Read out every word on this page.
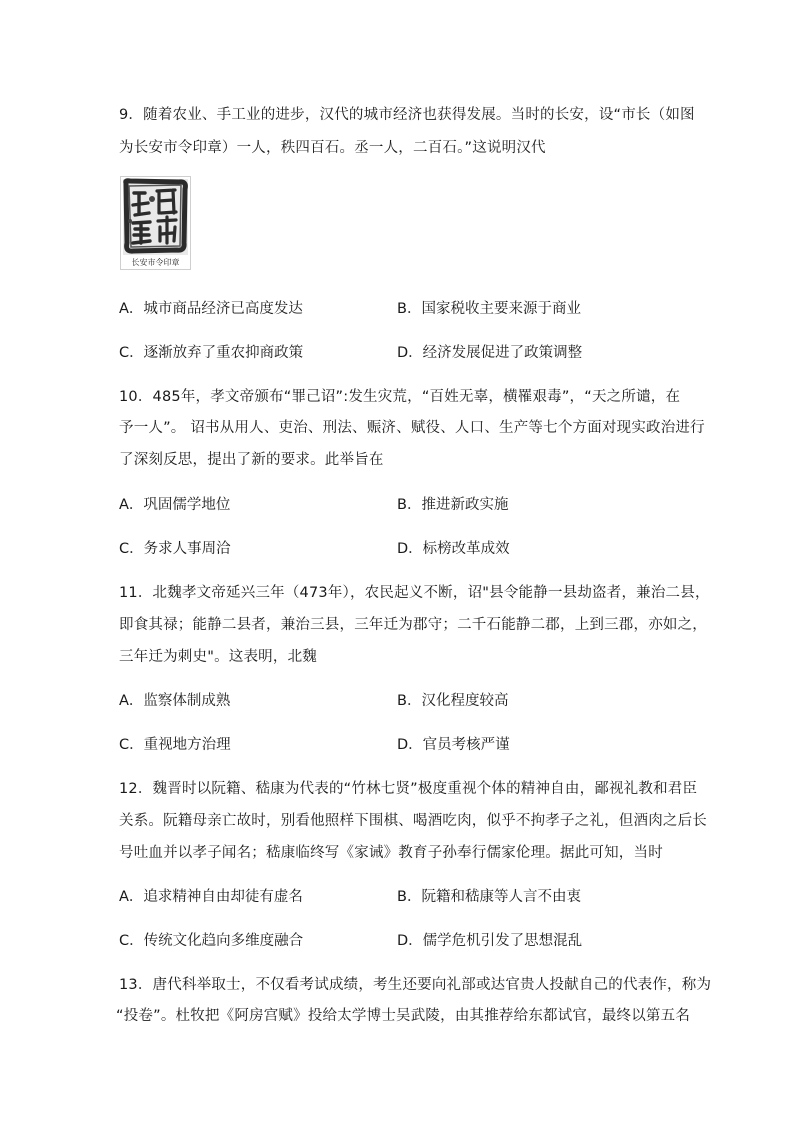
9．随着农业、手工业的进步，汉代的城市经济也获得发展。当时的长安，设“市长（如图
为长安市令印章）一人，秩四百石。丞一人，二百石。”这说明汉代
长安市令印章
A．城市商品经济已高度发达	B．国家税收主要来源于商业
C．逐渐放弃了重农抑商政策	D．经济发展促进了政策调整
10．485年，孝文帝颁布“罪己诏”:发生灾荒，“百姓无辜，横罹艰毒”，“天之所谴，在
予一人”。 诏书从用人、吏治、刑法、赈济、赋役、人口、生产等七个方面对现实政治进行
了深刻反思，提出了新的要求。此举旨在
A．巩固儒学地位	B．推进新政实施
C．务求人事周洽	D．标榜改革成效
11．北魏孝文帝延兴三年（473年），农民起义不断，诏"县令能静一县劫盗者，兼治二县，
即食其禄；能静二县者，兼治三县，三年迁为郡守；二千石能静二郡，上到三郡，亦如之，
三年迁为刺史"。这表明，北魏
A．监察体制成熟	B．汉化程度较高
C．重视地方治理	D．官员考核严谨
12．魏晋时以阮籍、嵇康为代表的“竹林七贤”极度重视个体的精神自由，鄙视礼教和君臣
关系。阮籍母亲亡故时，别看他照样下围棋、喝酒吃肉，似乎不拘孝子之礼，但酒肉之后长
号吐血并以孝子闻名；嵇康临终写《家诫》教育子孙奉行儒家伦理。据此可知，当时
A．追求精神自由却徒有虚名	B．阮籍和嵇康等人言不由衷
C．传统文化趋向多维度融合	D．儒学危机引发了思想混乱
13．唐代科举取士，不仅看考试成绩，考生还要向礼部或达官贵人投献自己的代表作，称为
“投卷”。杜牧把《阿房宫赋》投给太学博士吴武陵，由其推荐给东都试官，最终以第五名
